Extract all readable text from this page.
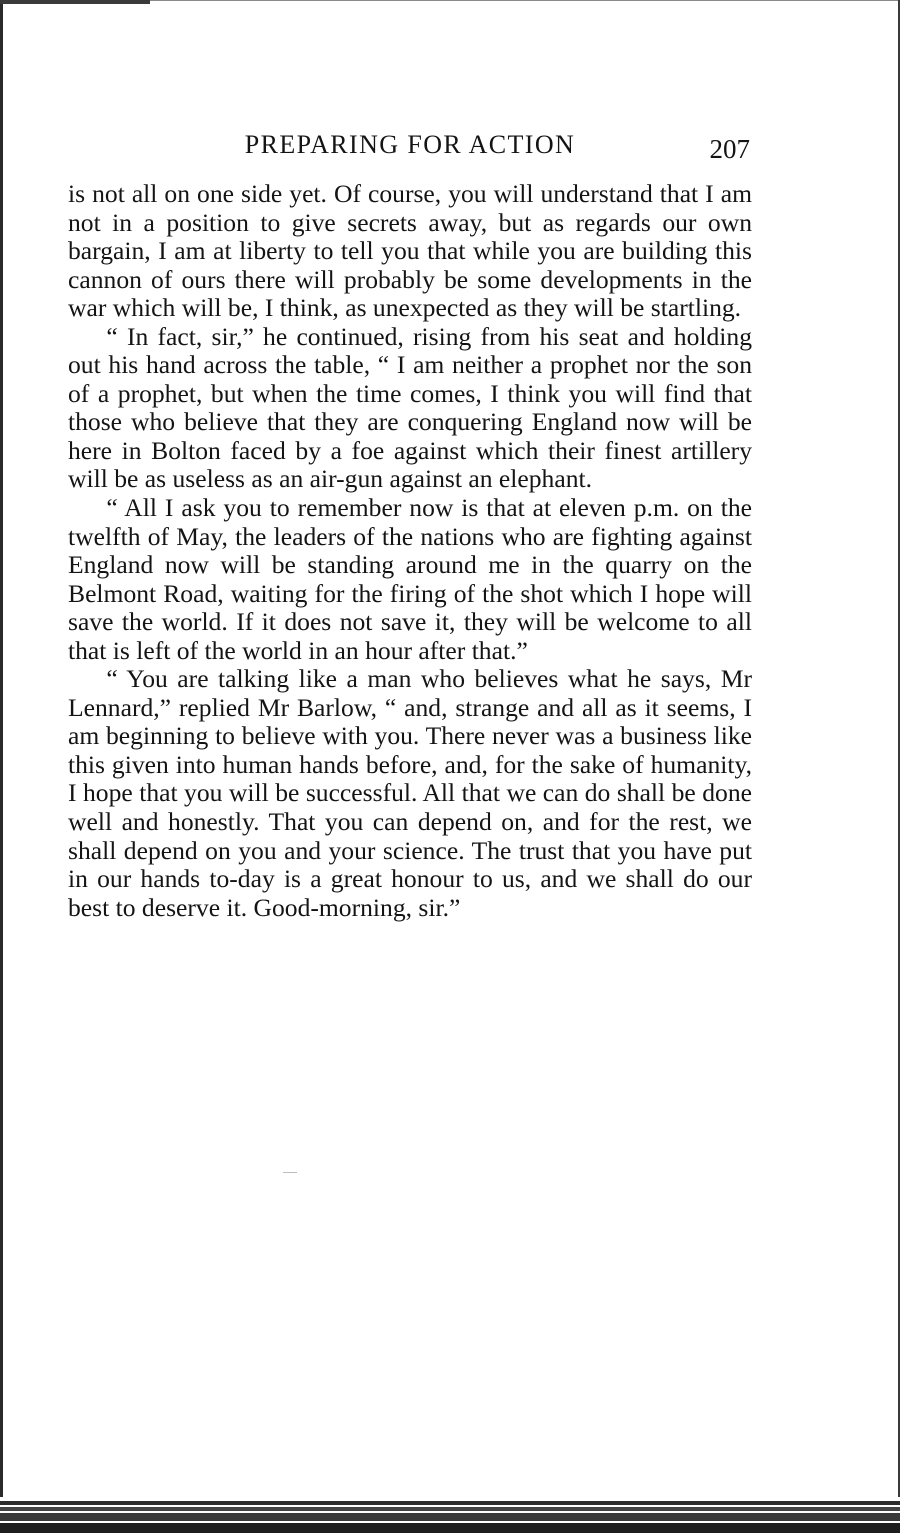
PREPARING FOR ACTION	207

is not all on one side yet. Of course, you will understand that I am not in a position to give secrets away, but as regards our own bargain, I am at liberty to tell you that while you are building this cannon of ours there will probably be some developments in the war which will be, I think, as unexpected as they will be startling.

“ In fact, sir,” he continued, rising from his seat and holding out his hand across the table, “ I am neither a prophet nor the son of a prophet, but when the time comes, I think you will find that those who believe that they are conquering England now will be here in Bolton faced by a foe against which their finest artillery will be as useless as an air-gun against an elephant.

“ All I ask you to remember now is that at eleven p.m. on the twelfth of May, the leaders of the nations who are fighting against England now will be standing around me in the quarry on the Belmont Road, waiting for the firing of the shot which I hope will save the world. If it does not save it, they will be welcome to all that is left of the world in an hour after that.”

“ You are talking like a man who believes what he says, Mr Lennard,” replied Mr Barlow, “ and, strange and all as it seems, I am beginning to believe with you. There never was a business like this given into human hands before, and, for the sake of humanity, I hope that you will be successful. All that we can do shall be done well and honestly. That you can depend on, and for the rest, we shall depend on you and your science. The trust that you have put in our hands to-day is a great honour to us, and we shall do our best to deserve it. Good-morning, sir.”
